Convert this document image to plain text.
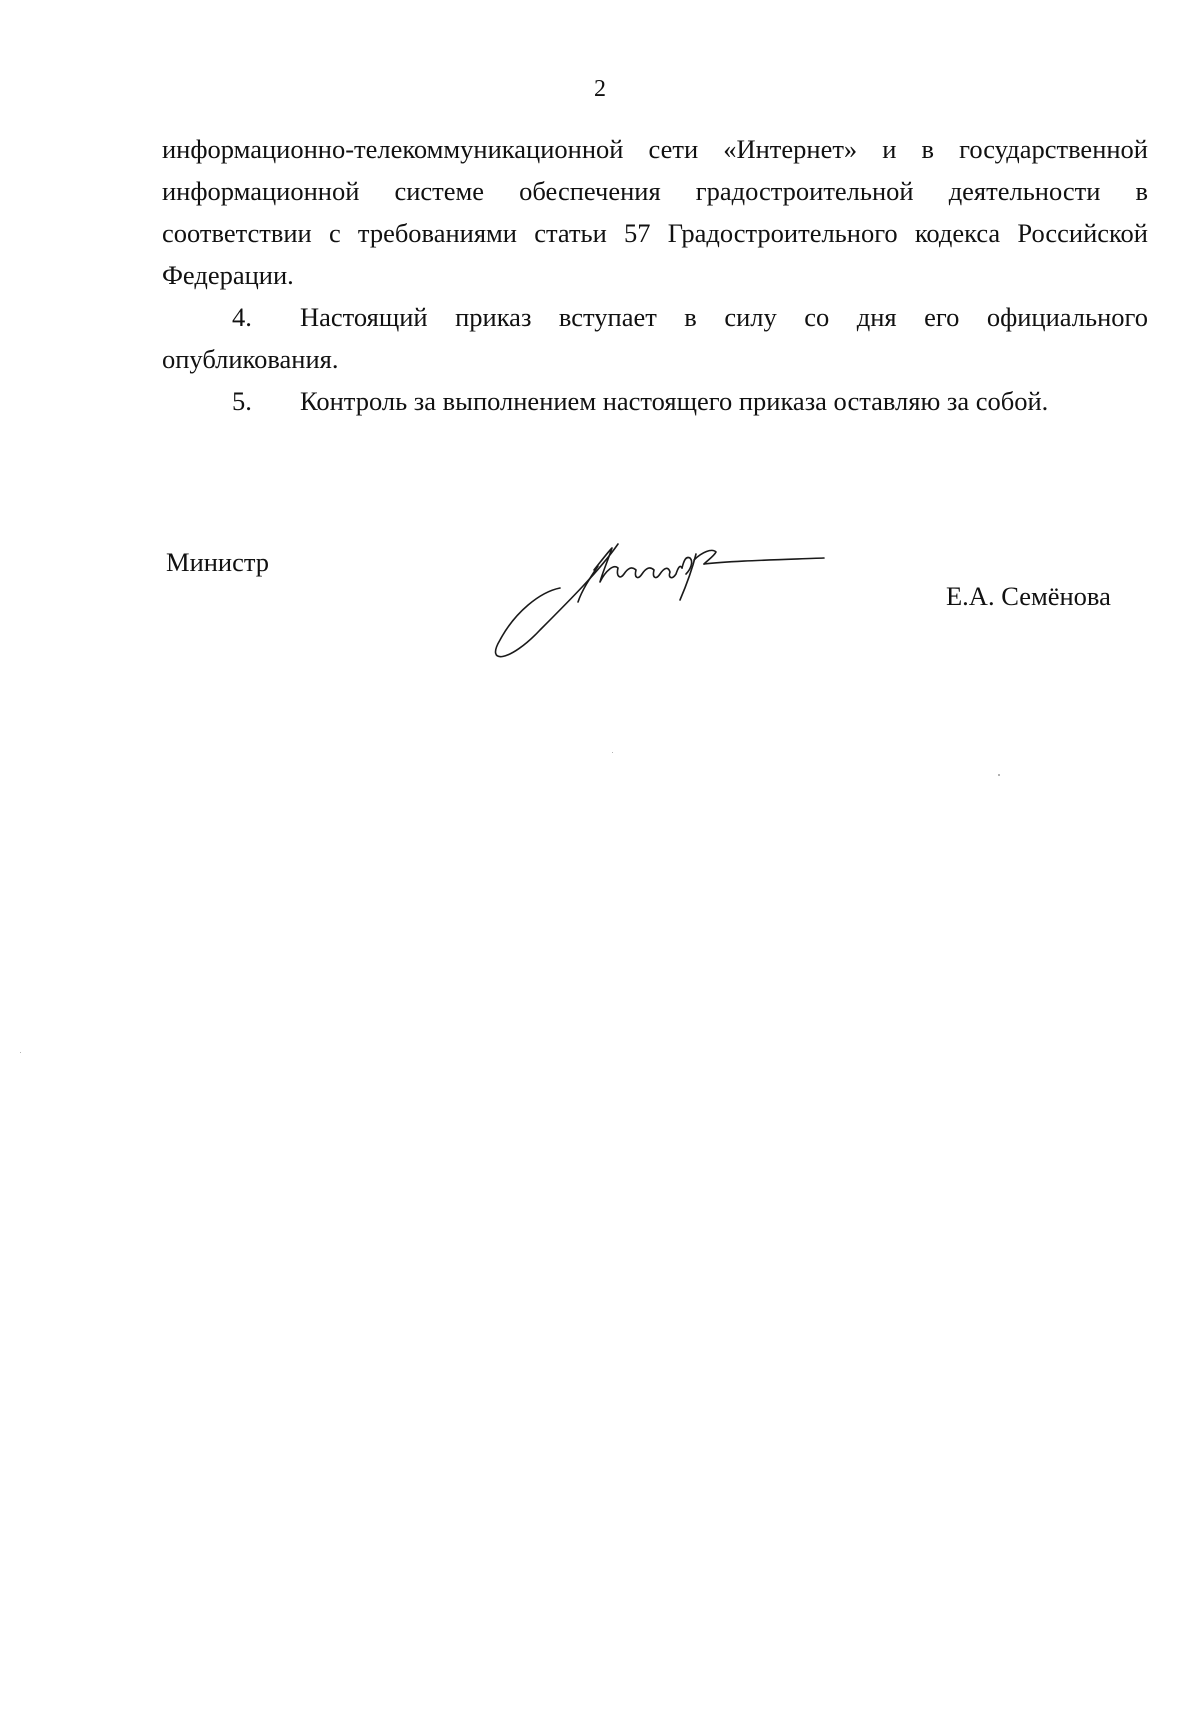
2

информационно-телекоммуникационной сети «Интернет» и в государственной информационной системе обеспечения градостроительной деятельности в соответствии с требованиями статьи 57 Градостроительного кодекса Российской Федерации.

4. Настоящий приказ вступает в силу со дня его официального опубликования.

5. Контроль за выполнением настоящего приказа оставляю за собой.

Министр
Е.А. Семёнова
